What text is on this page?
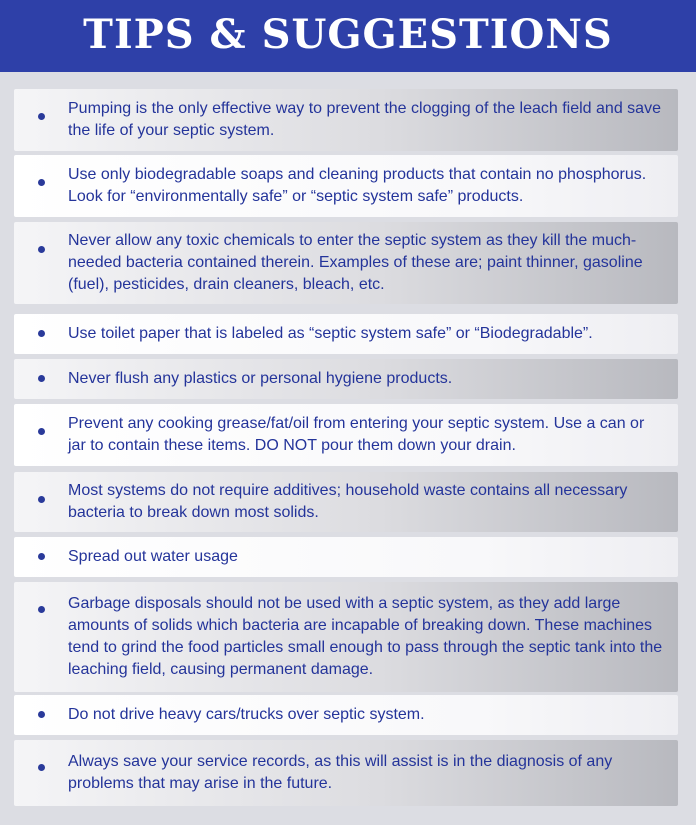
TIPS & SUGGESTIONS
Pumping is the only effective way to prevent the clogging of the leach field and save the life of your septic system.
Use only biodegradable soaps and cleaning products that contain no phosphorus. Look for “environmentally safe” or “septic system safe” products.
Never allow any toxic chemicals to enter the septic system as they kill the much-needed bacteria contained therein. Examples of these are; paint thinner, gasoline (fuel), pesticides, drain cleaners, bleach, etc.
Use toilet paper that is labeled as “septic system safe” or “Biodegradable”.
Never flush any plastics or personal hygiene products.
Prevent any cooking grease/fat/oil from entering your septic system. Use a can or jar to contain these items. DO NOT pour them down your drain.
Most systems do not require additives; household waste contains all necessary bacteria to break down most solids.
Spread out water usage
Garbage disposals should not be used with a septic system, as they add large amounts of solids which bacteria are incapable of breaking down. These machines tend to grind the food particles small enough to pass through the septic tank into the leaching field, causing permanent damage.
Do not drive heavy cars/trucks over septic system.
Always save your service records, as this will assist is in the diagnosis of any problems that may arise in the future.
